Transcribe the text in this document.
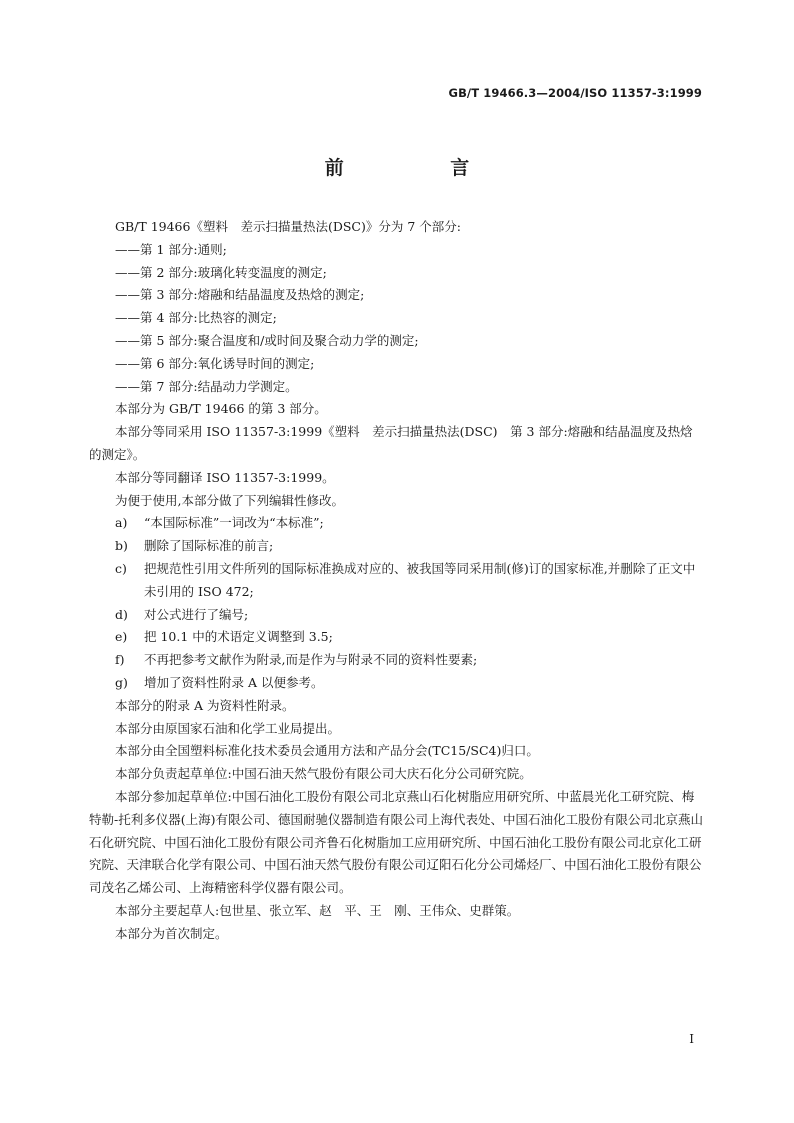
GB/T 19466.3—2004/ISO 11357-3:1999
前 言

GB/T 19466《塑料　差示扫描量热法(DSC)》分为 7 个部分:

——第 1 部分:通则;

——第 2 部分:玻璃化转变温度的测定;

——第 3 部分:熔融和结晶温度及热焓的测定;

——第 4 部分:比热容的测定;

——第 5 部分:聚合温度和/或时间及聚合动力学的测定;

——第 6 部分:氧化诱导时间的测定;

——第 7 部分:结晶动力学测定。

本部分为 GB/T 19466 的第 3 部分。

本部分等同采用 ISO 11357-3:1999《塑料　差示扫描量热法(DSC)　第 3 部分:熔融和结晶温度及热焓的测定》。

本部分等同翻译 ISO 11357-3:1999。

为便于使用,本部分做了下列编辑性修改。

a)	“本国际标准”一词改为“本标准”;
b)	删除了国际标准的前言;
c)	把规范性引用文件所列的国际标准换成对应的、被我国等同采用制(修)订的国家标准,并删除了正文中未引用的 ISO 472;
d)	对公式进行了编号;
e)	把 10.1 中的术语定义调整到 3.5;
f)	不再把参考文献作为附录,而是作为与附录不同的资料性要素;
g)	增加了资料性附录 A 以便参考。

本部分的附录 A 为资料性附录。

本部分由原国家石油和化学工业局提出。

本部分由全国塑料标准化技术委员会通用方法和产品分会(TC15/SC4)归口。

本部分负责起草单位:中国石油天然气股份有限公司大庆石化分公司研究院。

本部分参加起草单位:中国石油化工股份有限公司北京燕山石化树脂应用研究所、中蓝晨光化工研究院、梅特勒-托利多仪器(上海)有限公司、德国耐驰仪器制造有限公司上海代表处、中国石油化工股份有限公司北京燕山石化研究院、中国石油化工股份有限公司齐鲁石化树脂加工应用研究所、中国石油化工股份有限公司北京化工研究院、天津联合化学有限公司、中国石油天然气股份有限公司辽阳石化分公司烯烃厂、中国石油化工股份有限公司茂名乙烯公司、上海精密科学仪器有限公司。

本部分主要起草人:包世星、张立军、赵　平、王　刚、王伟众、史群策。

本部分为首次制定。

I
